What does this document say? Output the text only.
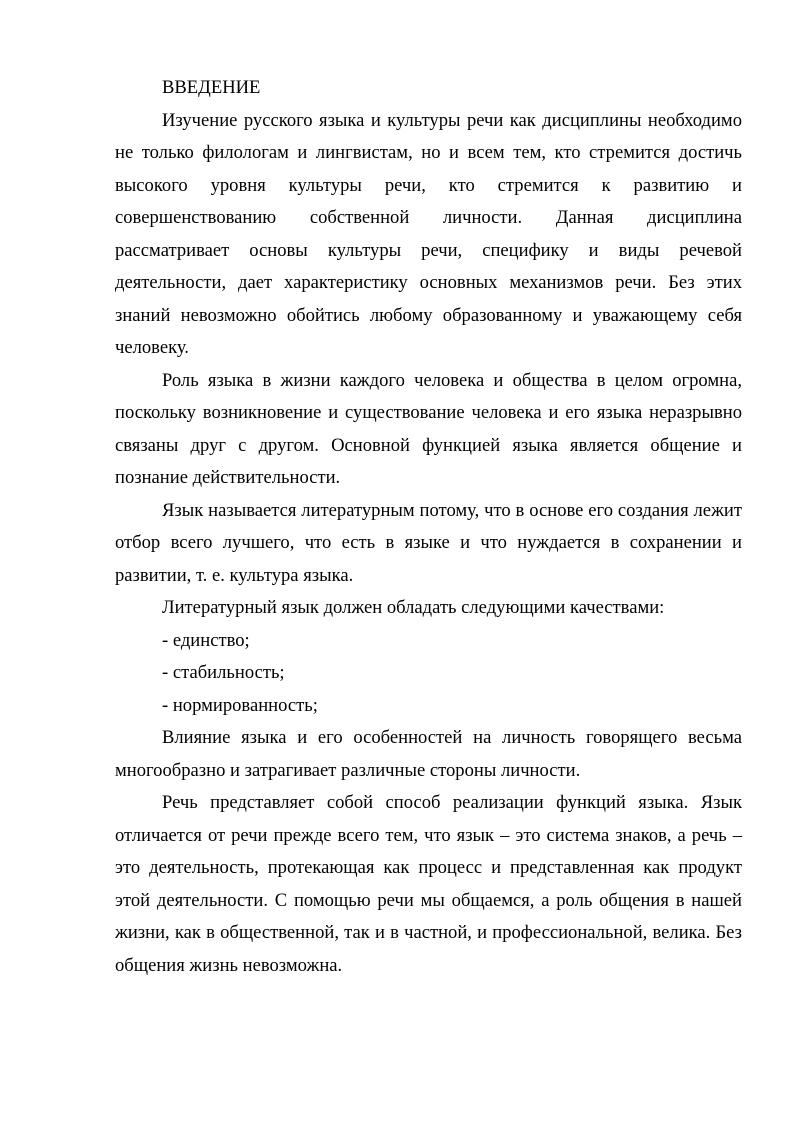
ВВЕДЕНИЕ

Изучение русского языка и культуры речи как дисциплины необходимо не только филологам и лингвистам, но и всем тем, кто стремится достичь высокого уровня культуры речи, кто стремится к развитию и совершенствованию собственной личности. Данная дисциплина рассматривает основы культуры речи, специфику и виды речевой деятельности, дает характеристику основных механизмов речи. Без этих знаний невозможно обойтись любому образованному и уважающему себя человеку.

Роль языка в жизни каждого человека и общества в целом огромна, поскольку возникновение и существование человека и его языка неразрывно связаны друг с другом. Основной функцией языка является общение и познание действительности.

Язык называется литературным потому, что в основе его создания лежит отбор всего лучшего, что есть в языке и что нуждается в сохранении и развитии, т. е. культура языка.

Литературный язык должен обладать следующими качествами:

- единство;

- стабильность;

- нормированность;

Влияние языка и его особенностей на личность говорящего весьма многообразно и затрагивает различные стороны личности.

Речь представляет собой способ реализации функций языка. Язык отличается от речи прежде всего тем, что язык – это система знаков, а речь – это деятельность, протекающая как процесс и представленная как продукт этой деятельности. С помощью речи мы общаемся, а роль общения в нашей жизни, как в общественной, так и в частной, и профессиональной, велика. Без общения жизнь невозможна.
